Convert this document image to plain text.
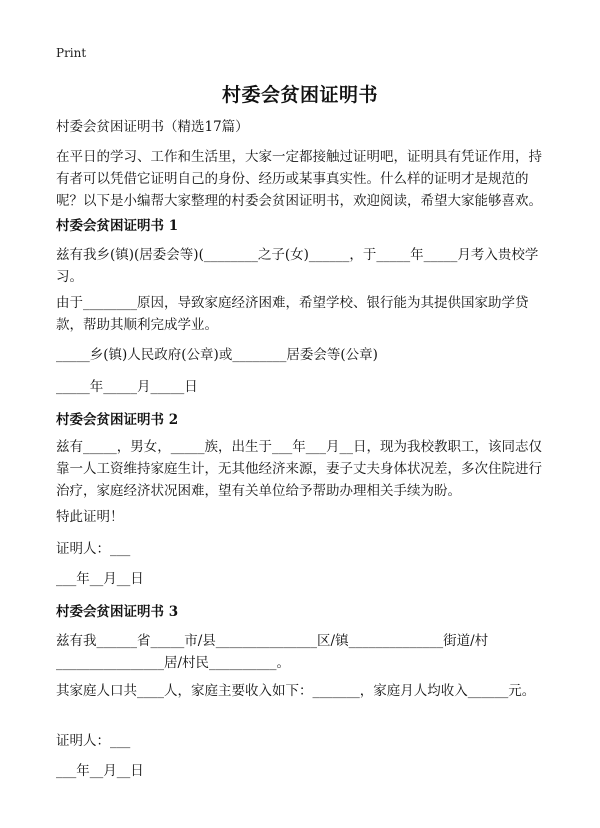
Print
村委会贫困证明书

村委会贫困证明书（精选17篇）

在平日的学习、工作和生活里，大家一定都接触过证明吧，证明具有凭证作用，持有者可以凭借它证明自己的身份、经历或某事真实性。什么样的证明才是规范的呢？以下是小编帮大家整理的村委会贫困证明书，欢迎阅读，希望大家能够喜欢。

村委会贫困证明书 1

兹有我乡(镇)(居委会等)(________之子(女)______，于_____年_____月考入贵校学习。

由于________原因，导致家庭经济困难，希望学校、银行能为其提供国家助学贷款，帮助其顺利完成学业。

_____乡(镇)人民政府(公章)或________居委会等(公章)

_____年_____月_____日

村委会贫困证明书 2

兹有_____，男女，_____族，出生于___年___月__日，现为我校教职工，该同志仅靠一人工资维持家庭生计，无其他经济来源，妻子丈夫身体状况差，多次住院进行治疗，家庭经济状况困难，望有关单位给予帮助办理相关手续为盼。

特此证明！

证明人：___

___年__月__日

村委会贫困证明书 3

兹有我______省_____市/县_______________区/镇______________街道/村________________居/村民__________。

其家庭人口共____人，家庭主要收入如下：_______，家庭月人均收入______元。

证明人：___

___年__月__日
